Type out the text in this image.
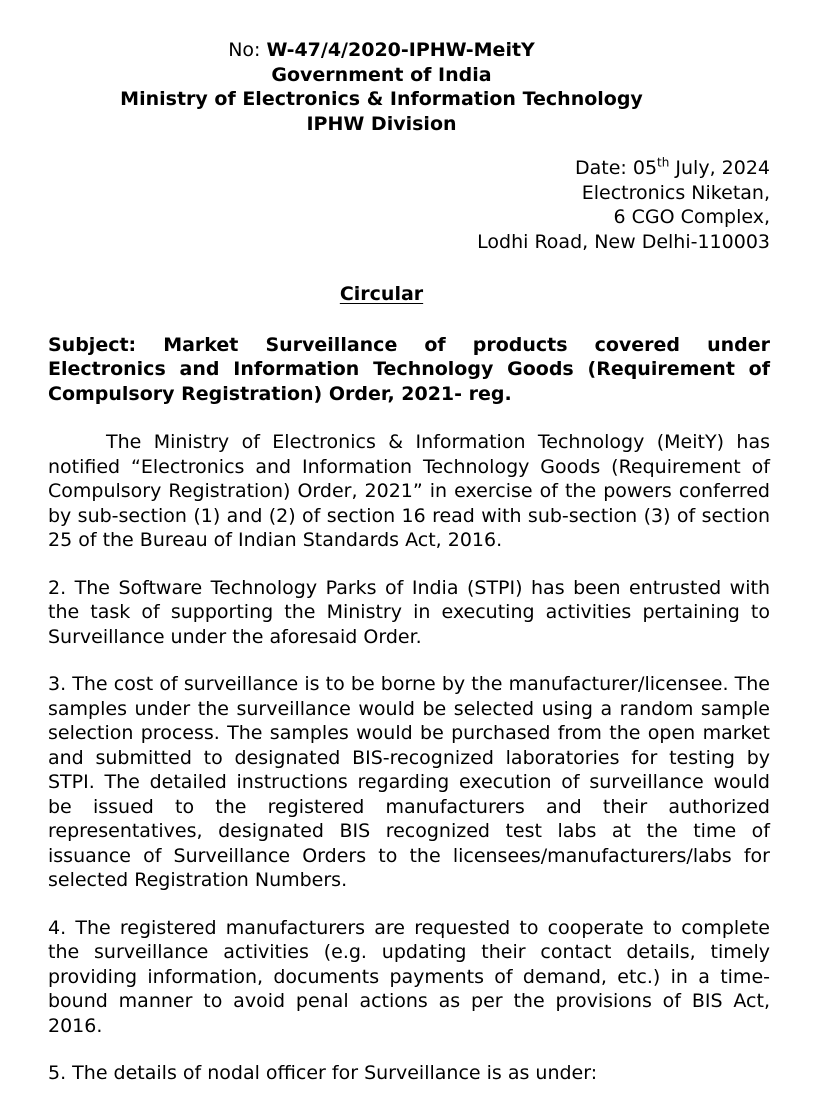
No: W-47/4/2020-IPHW-MeitY
Government of India
Ministry of Electronics & Information Technology
IPHW Division
Date: 05th July, 2024
Electronics Niketan,
6 CGO Complex,
Lodhi Road, New Delhi-110003
Circular

Subject: Market Surveillance of products covered under Electronics and Information Technology Goods (Requirement of Compulsory Registration) Order, 2021- reg.

The Ministry of Electronics & Information Technology (MeitY) has notified “Electronics and Information Technology Goods (Requirement of Compulsory Registration) Order, 2021” in exercise of the powers conferred by sub-section (1) and (2) of section 16 read with sub-section (3) of section 25 of the Bureau of Indian Standards Act, 2016.

2. The Software Technology Parks of India (STPI) has been entrusted with the task of supporting the Ministry in executing activities pertaining to Surveillance under the aforesaid Order.

3. The cost of surveillance is to be borne by the manufacturer/licensee. The samples under the surveillance would be selected using a random sample selection process. The samples would be purchased from the open market and submitted to designated BIS-recognized laboratories for testing by STPI. The detailed instructions regarding execution of surveillance would be issued to the registered manufacturers and their authorized representatives, designated BIS recognized test labs at the time of issuance of Surveillance Orders to the licensees/manufacturers/labs for selected Registration Numbers.

4. The registered manufacturers are requested to cooperate to complete the surveillance activities (e.g. updating their contact details, timely providing information, documents payments of demand, etc.) in a time-bound manner to avoid penal actions as per the provisions of BIS Act, 2016.

5. The details of nodal officer for Surveillance is as under:
